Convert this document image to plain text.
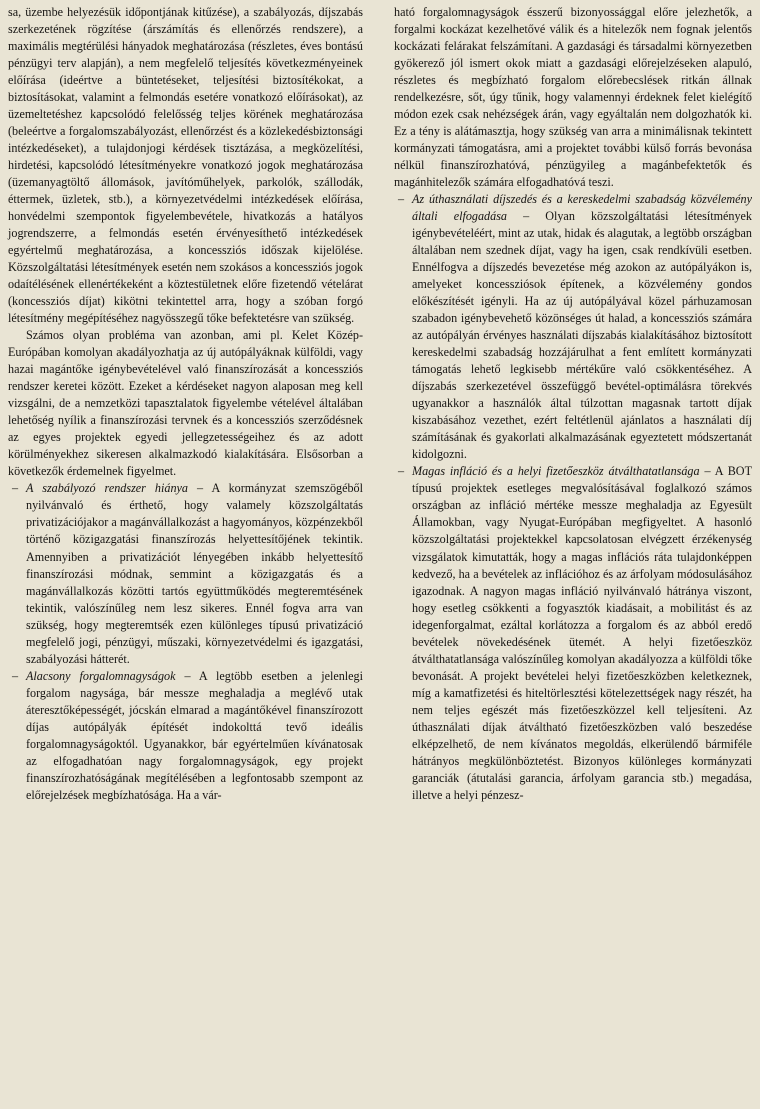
sa, üzembe helyezésük időpontjának kitűzése), a szabályozás, díjszabás szerkezetének rögzítése (árszámítás és ellenőrzés rendszere), a maximális megtérülési hányadok meghatározása (részletes, éves bontású pénzügyi terv alapján), a nem megfelelő teljesítés következményeinek előírása (ideértve a büntetéseket, teljesítési biztosítékokat, a biztosításokat, valamint a felmondás esetére vonatkozó előírásokat), az üzemeltetéshez kapcsolódó felelősség teljes körének meghatározása (beleértve a forgalomszabályozást, ellenőrzést és a közlekedésbiztonsági intézkedéseket), a tulajdonjogi kérdések tisztázása, a megközelítési, hirdetési, kapcsolódó létesítményekre vonatkozó jogok meghatározása (üzemanyagtöltő állomások, javítóműhelyek, parkolók, szállodák, éttermek, üzletek, stb.), a környezetvédelmi intézkedések előírása, honvédelmi szempontok figyelembevétele, hivatkozás a hatályos jogrendszerre, a felmondás esetén érvényesíthető intézkedések egyértelmű meghatározása, a koncessziós időszak kijelölése. Közszolgáltatási létesítmények esetén nem szokásos a koncessziós jogok odaítélésének ellenértékeként a köztestületnek előre fizetendő vételárat (koncessziós díjat) kikötni tekintettel arra, hogy a szóban forgó létesítmény megépítéséhez nagyösszegű tőke befektetésre van szükség.

Számos olyan probléma van azonban, ami pl. Kelet Közép-Európában komolyan akadályozhatja az új autópályáknak külföldi, vagy hazai magántőke igénybevételével való finanszírozását a koncessziós rendszer keretei között. Ezeket a kérdéseket nagyon alaposan meg kell vizsgálni, de a nemzetközi tapasztalatok figyelembe vételével általában lehetőség nyílik a finanszírozási tervnek és a koncessziós szerződésnek az egyes projektek egyedi jellegzetességeihez és az adott körülményekhez sikeresen alkalmazkodó kialakítására. Elsősorban a következők érdemelnek figyelmet.

– A szabályozó rendszer hiánya – A kormányzat szemszögéből nyilvánvaló és érthető, hogy valamely közszolgáltatás privatizációjakor a magánvállalkozást a hagyományos, közpénzekből történő közigazgatási finanszírozás helyettesítőjének tekintik. Amennyiben a privatizációt lényegében inkább helyettesítő finanszírozási módnak, semmint a közigazgatás és a magánvállalkozás közötti tartós együttműködés megteremtésének tekintik, valószínűleg nem lesz sikeres. Ennél fogva arra van szükség, hogy megteremtsék ezen különleges típusú privatizáció megfelelő jogi, pénzügyi, műszaki, környezetvédelmi és igazgatási, szabályozási hátterét.

– Alacsony forgalomnagyságok – A legtöbb esetben a jelenlegi forgalom nagysága, bár messze meghaladja a meglévő utak áteresztőképességét, jócskán elmarad a magántőkével finanszírozott díjas autópályák építését indokolttá tevő ideális forgalomnagyságoktól. Ugyanakkor, bár egyértelműen kívánatosak az elfogadhatóan nagy forgalomnagyságok, egy projekt finanszírozhatóságának megítélésében a legfontosabb szempont az előrejelzések megbízhatósága. Ha a vár-

ható forgalomnagyságok ésszerű bizonyossággal előre jelezhetők, a forgalmi kockázat kezelhetővé válik és a hitelezők nem fognak jelentős kockázati felárakat felszámítani. A gazdasági és társadalmi környezetben gyökerező jól ismert okok miatt a gazdasági előrejelzéseken alapuló, részletes és megbízható forgalom előrebecslések ritkán állnak rendelkezésre, sőt, úgy tűnik, hogy valamennyi érdeknek felet kielégítő módon ezek csak nehézségek árán, vagy egyáltalán nem dolgozhatók ki. Ez a tény is alátámasztja, hogy szükség van arra a minimálisnak tekintett kormányzati támogatásra, ami a projektet további külső forrás bevonása nélkül finanszírozhatóvá, pénzügyileg a magánbefektetők és magánhitelezők számára elfogadhatóvá teszi.

– Az úthasználati díjszedés és a kereskedelmi szabadság közvélemény általi elfogadása – Olyan közszolgáltatási létesítmények igénybevételéért, mint az utak, hidak és alagutak, a legtöbb országban általában nem szednek díjat, vagy ha igen, csak rendkívüli esetben. Ennélfogva a díjszedés bevezetése még azokon az autópályákon is, amelyeket koncessziósok építenek, a közvélemény gondos előkészítését igényli. Ha az új autópályával közel párhuzamosan szabadon igénybevehető közönséges út halad, a koncessziós számára az autópályán érvényes használati díjszabás kialakításához biztosított kereskedelmi szabadság hozzájárulhat a fent említett kormányzati támogatás lehető legkisebb mértékűre való csökkentéséhez. A díjszabás szerkezetével összefüggő bevétel-optimálásra törekvés ugyanakkor a használók által túlzottan magasnak tartott díjak kiszabásához vezethet, ezért feltétlenül ajánlatos a használati díj számításának és gyakorlati alkalmazásának egyeztetett módszertanát kidolgozni.

– Magas infláció és a helyi fizetőeszköz átválthatatlansága – A BOT típusú projektek esetleges megvalósításával foglalkozó számos országban az infláció mértéke messze meghaladja az Egyesült Államokban, vagy Nyugat-Európában megfigyeltet. A hasonló közszolgáltatási projektekkel kapcsolatosan elvégzett érzékenység vizsgálatok kimutatták, hogy a magas inflációs ráta tulajdonképpen kedvező, ha a bevételek az inflációhoz és az árfolyam módosulásához igazodnak. A nagyon magas infláció nyilvánvaló hátránya viszont, hogy esetleg csökkenti a fogyasztók kiadásait, a mobilitást és az idegenforgalmat, ezáltal korlátozza a forgalom és az abból eredő bevételek növekedésének ütemét. A helyi fizetőeszköz átválthatatlansága valószínűleg komolyan akadályozza a külföldi tőke bevonását. A projekt bevételei helyi fizetőeszközben keletkeznek, míg a kamatfizetési és hiteltörlesztési kötelezettségek nagy részét, ha nem teljes egészét más fizetőeszközzel kell teljesíteni. Az úthasználati díjak átváltható fizetőeszközben való beszedése elképzelhető, de nem kívánatos megoldás, elkerülendő bármiféle hátrányos megkülönböztetést. Bizonyos különleges kormányzati garanciák (átutalási garancia, árfolyam garancia stb.) megadása, illetve a helyi pénzesz-
